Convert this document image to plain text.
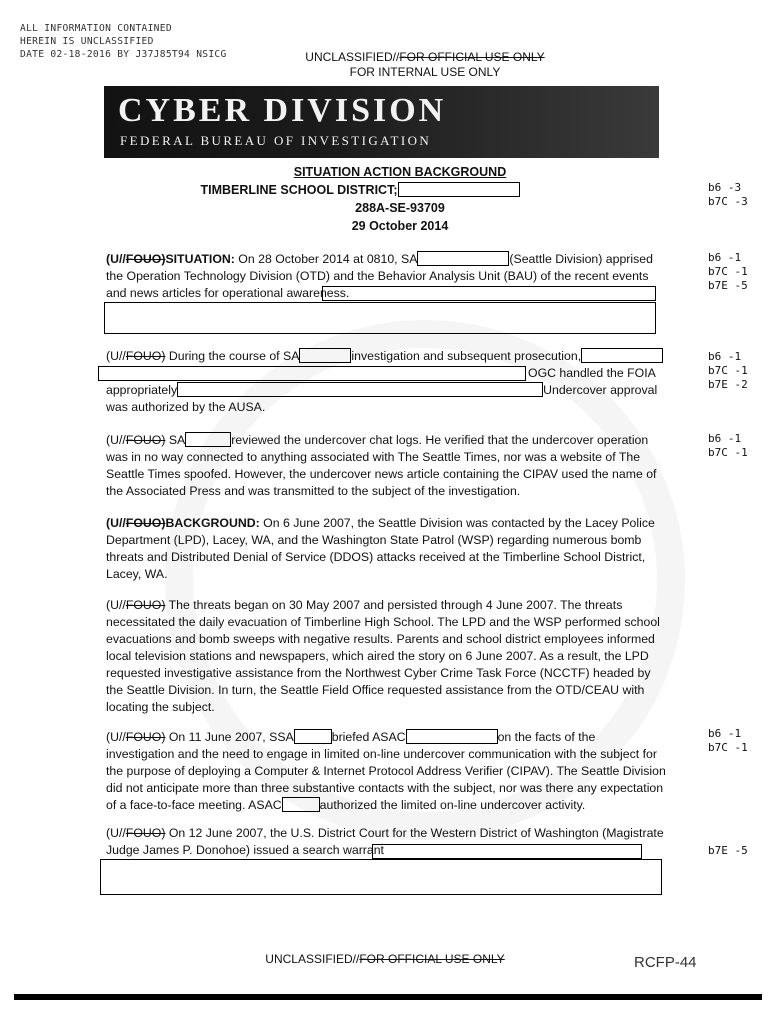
ALL INFORMATION CONTAINED
HEREIN IS UNCLASSIFIED
DATE 02-18-2016 BY J37J85T94 NSICG	UNCLASSIFIED//FOR OFFICIAL USE ONLY
FOR INTERNAL USE ONLY
CYBER DIVISION
FEDERAL BUREAU OF INVESTIGATION
SITUATION ACTION BACKGROUND
TIMBERLINE SCHOOL DISTRICT;
288A-SE-93709
29 October 2014
b6 -3
b7C -3
(U//FOUO)SITUATION: On 28 October 2014 at 0810, SA	(Seattle Division) apprised the Operation Technology Division (OTD) and the Behavior Analysis Unit (BAU) of the recent events and news articles for operational awareness.
b6 -1
b7C -1
b7E -5
(U//FOUO) During the course of SA	investigation and subsequent prosecution,
OGC handled the FOIA
appropriately	Undercover approval
was authorized by the AUSA.
b6 -1
b7C -1
b7E -2
(U//FOUO) SA	reviewed the undercover chat logs. He verified that the undercover operation was in no way connected to anything associated with The Seattle Times, nor was a website of The Seattle Times spoofed. However, the undercover news article containing the CIPAV used the name of the Associated Press and was transmitted to the subject of the investigation.
b6 -1
b7C -1
(U//FOUO)BACKGROUND: On 6 June 2007, the Seattle Division was contacted by the Lacey Police Department (LPD), Lacey, WA, and the Washington State Patrol (WSP) regarding numerous bomb threats and Distributed Denial of Service (DDOS) attacks received at the Timberline School District, Lacey, WA.
(U//FOUO) The threats began on 30 May 2007 and persisted through 4 June 2007. The threats necessitated the daily evacuation of Timberline High School. The LPD and the WSP performed school evacuations and bomb sweeps with negative results. Parents and school district employees informed local television stations and newspapers, which aired the story on 6 June 2007. As a result, the LPD requested investigative assistance from the Northwest Cyber Crime Task Force (NCCTF) headed by the Seattle Division. In turn, the Seattle Field Office requested assistance from the OTD/CEAU with locating the subject.
(U//FOUO) On 11 June 2007, SSA	briefed ASAC	on the facts of the investigation and the need to engage in limited on-line undercover communication with the subject for the purpose of deploying a Computer & Internet Protocol Address Verifier (CIPAV). The Seattle Division did not anticipate more than three substantive contacts with the subject, nor was there any expectation of a face-to-face meeting. ASAC	authorized the limited on-line undercover activity.
b6 -1
b7C -1
(U//FOUO) On 12 June 2007, the U.S. District Court for the Western District of Washington (Magistrate Judge James P. Donohoe) issued a search warrant	b7E -5
UNCLASSIFIED//FOR OFFICIAL USE ONLY	RCFP-44
